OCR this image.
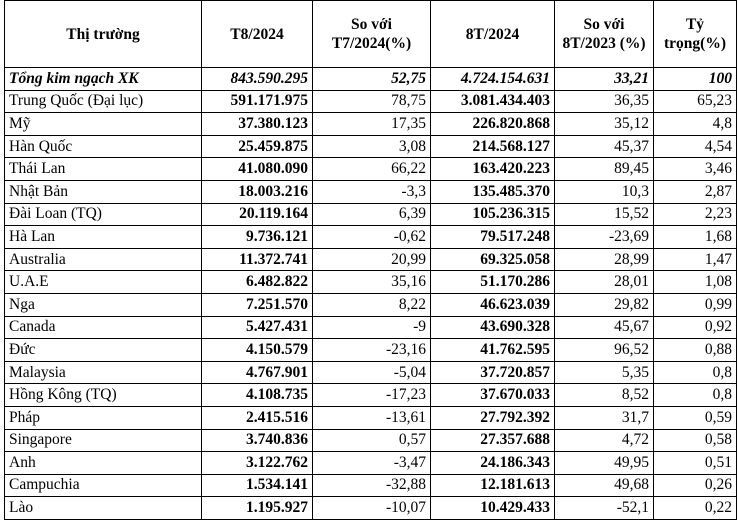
Thị trường	T8/2024	So với T7/2024(%)	8T/2024	So với 8T/2023 (%)	Tỷ trọng(%)
Tổng kim ngạch XK	843.590.295	52,75	4.724.154.631	33,21	100
Trung Quốc (Đại lục)	591.171.975	78,75	3.081.434.403	36,35	65,23
Mỹ	37.380.123	17,35	226.820.868	35,12	4,8
Hàn Quốc	25.459.875	3,08	214.568.127	45,37	4,54
Thái Lan	41.080.090	66,22	163.420.223	89,45	3,46
Nhật Bản	18.003.216	-3,3	135.485.370	10,3	2,87
Đài Loan (TQ)	20.119.164	6,39	105.236.315	15,52	2,23
Hà Lan	9.736.121	-0,62	79.517.248	-23,69	1,68
Australia	11.372.741	20,99	69.325.058	28,99	1,47
U.A.E	6.482.822	35,16	51.170.286	28,01	1,08
Nga	7.251.570	8,22	46.623.039	29,82	0,99
Canada	5.427.431	-9	43.690.328	45,67	0,92
Đức	4.150.579	-23,16	41.762.595	96,52	0,88
Malaysia	4.767.901	-5,04	37.720.857	5,35	0,8
Hồng Kông (TQ)	4.108.735	-17,23	37.670.033	8,52	0,8
Pháp	2.415.516	-13,61	27.792.392	31,7	0,59
Singapore	3.740.836	0,57	27.357.688	4,72	0,58
Anh	3.122.762	-3,47	24.186.343	49,95	0,51
Campuchia	1.534.141	-32,88	12.181.613	49,68	0,26
Lào	1.195.927	-10,07	10.429.433	-52,1	0,22
